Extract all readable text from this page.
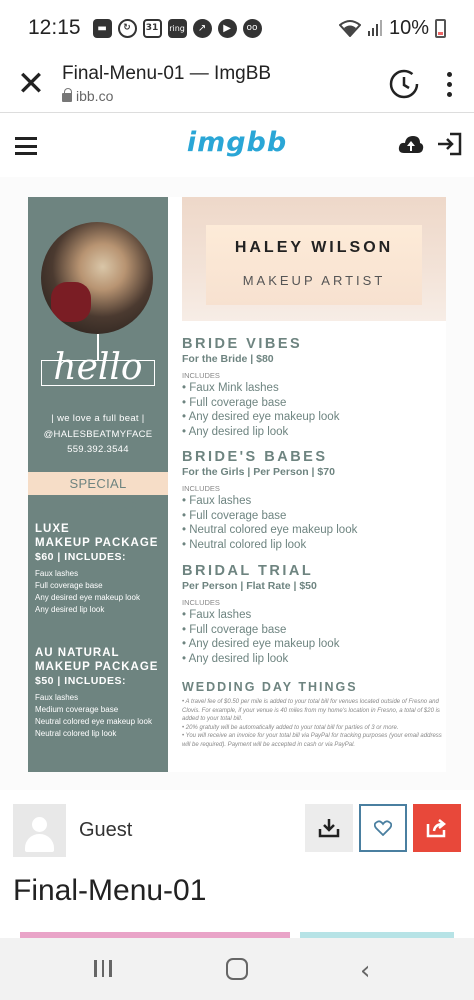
12:15	▬	↻	31	ring	↗	▶	oo	10%
✕ Final-Menu-01 — ImgBB
ibb.co
imgbb
hello
| we love a full beat |
@HALESBEATMYFACE
559.392.3544
SPECIAL OCCASIONS
LUXE
MAKEUP PACKAGE
$60 | INCLUDES:
Faux lashes
Full coverage base
Any desired eye makeup look
Any desired lip look
AU NATURAL
MAKEUP PACKAGE
$50 | INCLUDES:
Faux lashes
Medium coverage base
Neutral colored eye makeup look
Neutral colored lip look
HALEY WILSON
MAKEUP ARTIST
BRIDE VIBES
For the Bride | $80
INCLUDES
• Faux Mink lashes
• Full coverage base
• Any desired eye makeup look
• Any desired lip look
BRIDE'S BABES
For the Girls | Per Person | $70
INCLUDES
• Faux lashes
• Full coverage base
• Neutral colored eye makeup look
• Neutral colored lip look
BRIDAL TRIAL
Per Person | Flat Rate | $50
INCLUDES
• Faux lashes
• Full coverage base
• Any desired eye makeup look
• Any desired lip look
WEDDING DAY THINGS
• A travel fee of $0.50 per mile is added to your total bill for venues located outside of Fresno and Clovis. For example, if your venue is 40 miles from my home's location in Fresno, a total of $20 is added to your total bill.
• 20% gratuity will be automatically added to your total bill for parties of 3 or more.
• You will receive an invoice for your total bill via PayPal for tracking purposes (your email address will be required). Payment will be accepted in cash or via PayPal.
Guest
Final-Menu-01
‹
